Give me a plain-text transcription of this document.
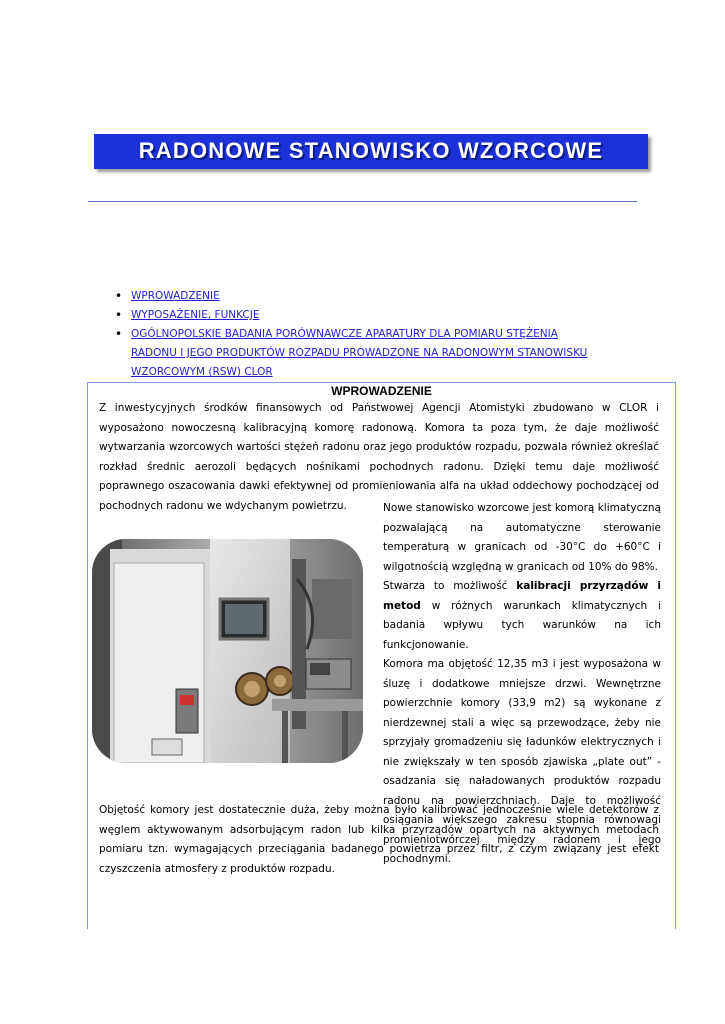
RADONOWE STANOWISKO WZORCOWE
• WPROWADZENIE
• WYPOSAŻENIE, FUNKCJE
• OGÓLNOPOLSKIE BADANIA PORÓWNAWCZE APARATURY DLA POMIARU STĘŻENIA RADONU I JEGO PRODUKTÓW ROZPADU PROWADZONE NA RADONOWYM STANOWISKU WZORCOWYM (RSW) CLOR
WPROWADZENIE

Z inwestycyjnych środków finansowych od Państwowej Agencji Atomistyki zbudowano w CLOR i wyposażono nowoczesną kalibracyjną komorę radonową. Komora ta poza tym, że daje możliwość wytwarzania wzorcowych wartości stężeń radonu oraz jego produktów rozpadu, pozwala również określać rozkład średnic aerozoli będących nośnikami pochodnych radonu. Dzięki temu daje możliwość poprawnego oszacowania dawki efektywnej od promieniowania alfa na układ oddechowy pochodzącej od pochodnych radonu we wdychanym powietrzu.	Nowe stanowisko wzorcowe jest komorą klimatyczną pozwalającą na automatyczne sterowanie temperaturą w granicach od -30°C do +60°C i wilgotnością względną w granicach od 10% do 98%.

Stwarza to możliwość kalibracji przyrządów i metod w różnych warunkach klimatycznych i badania wpływu tych warunków na ich funkcjonowanie.

Komora ma objętość 12,35 m3 i jest wyposażona w śluzę i dodatkowe mniejsze drzwi. Wewnętrzne powierzchnie komory (33,9 m2) są wykonane z nierdzewnej stali a więc są przewodzące, żeby nie sprzyjały gromadzeniu się ładunków elektrycznych i nie zwiększały w ten sposób zjawiska „plate out” - osadzania się naładowanych produktów rozpadu radonu na powierzchniach. Daje to możliwość osiągania większego zakresu stopnia równowagi promieniotwórczej między radonem i jego pochodnymi.

Objętość komory jest dostatecznie duża, żeby można było kalibrować jednocześnie wiele detektorów z węglem aktywowanym adsorbującym radon lub kilka przyrządów opartych na aktywnych metodach pomiaru tzn. wymagających przeciągania badanego powietrza przez filtr, z czym związany jest efekt czyszczenia atmosfery z produktów rozpadu.
